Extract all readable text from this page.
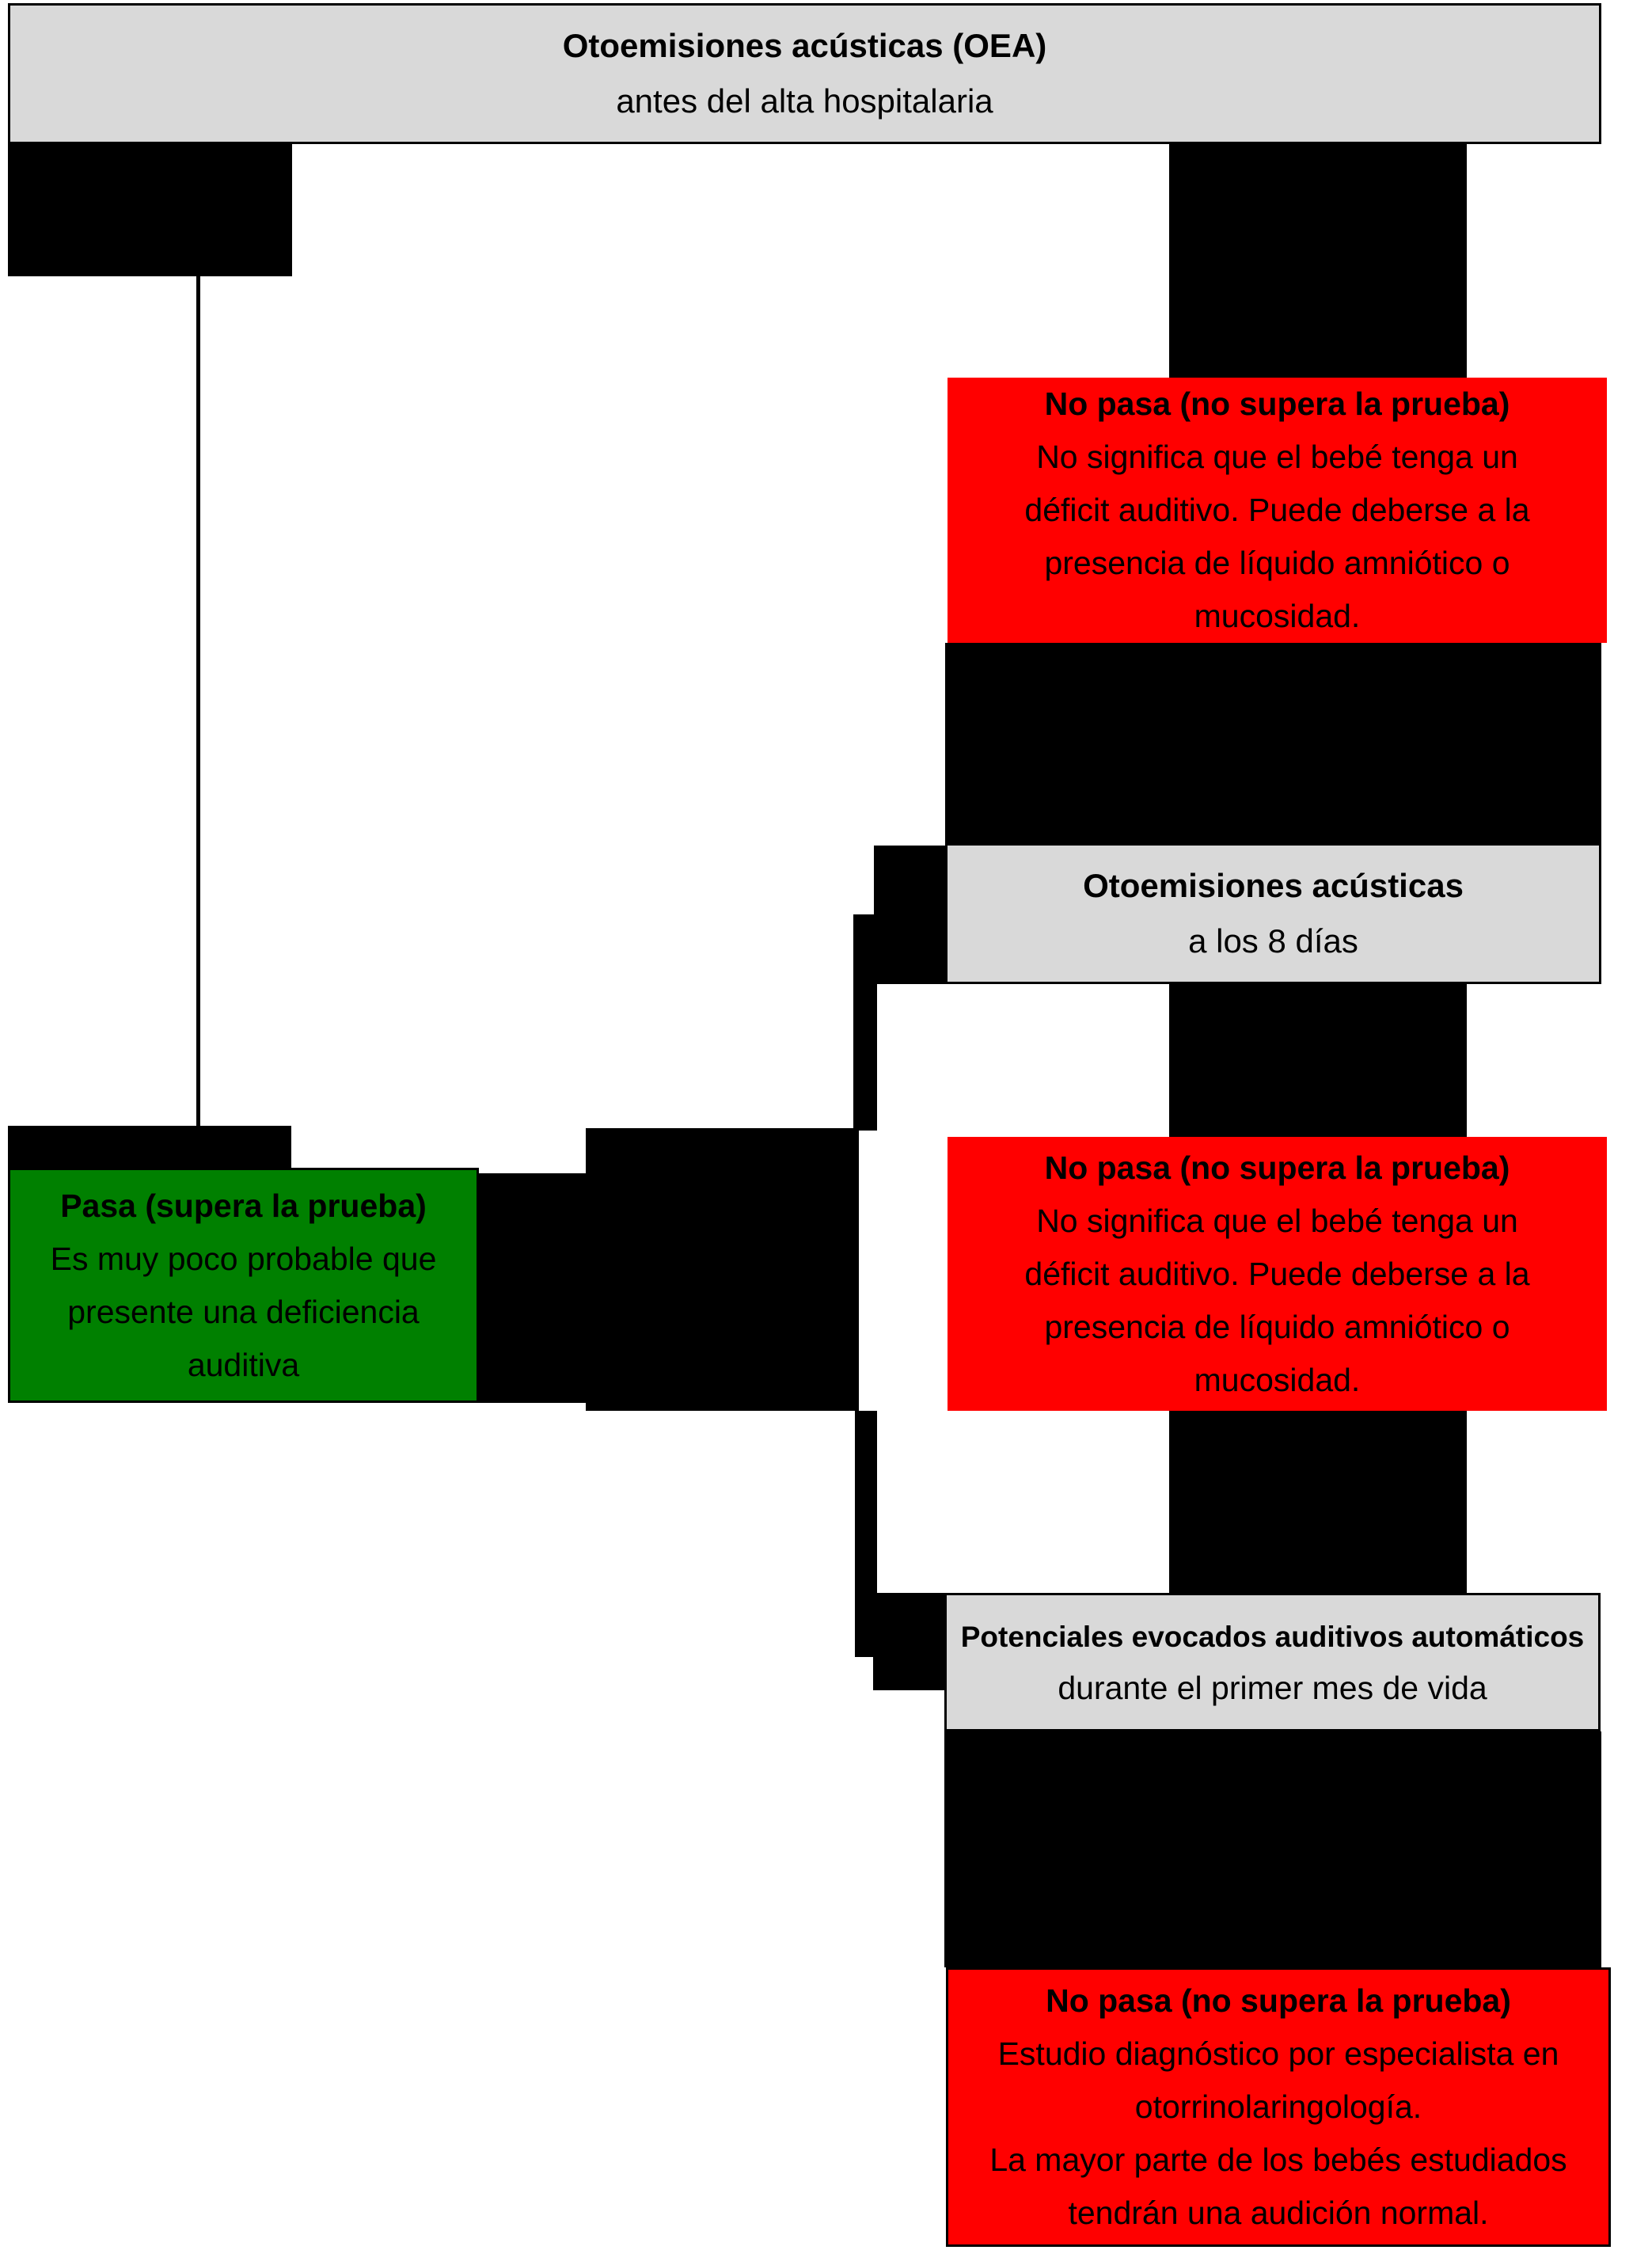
Otoemisiones acústicas (OEA)
antes del alta hospitalaria
No pasa (no supera la prueba)
No significa que el bebé tenga un
déficit auditivo. Puede deberse a la
presencia de líquido amniótico o
mucosidad.
Otoemisiones acústicas
a los 8 días
Pasa (supera la prueba)
Es muy poco probable que
presente una deficiencia
auditiva
No pasa (no supera la prueba)
No significa que el bebé tenga un
déficit auditivo. Puede deberse a la
presencia de líquido amniótico o
mucosidad.
Potenciales evocados auditivos automáticos
durante el primer mes de vida
No pasa (no supera la prueba)
Estudio diagnóstico por especialista en
otorrinolaringología.
La mayor parte de los bebés estudiados
tendrán una audición normal.
